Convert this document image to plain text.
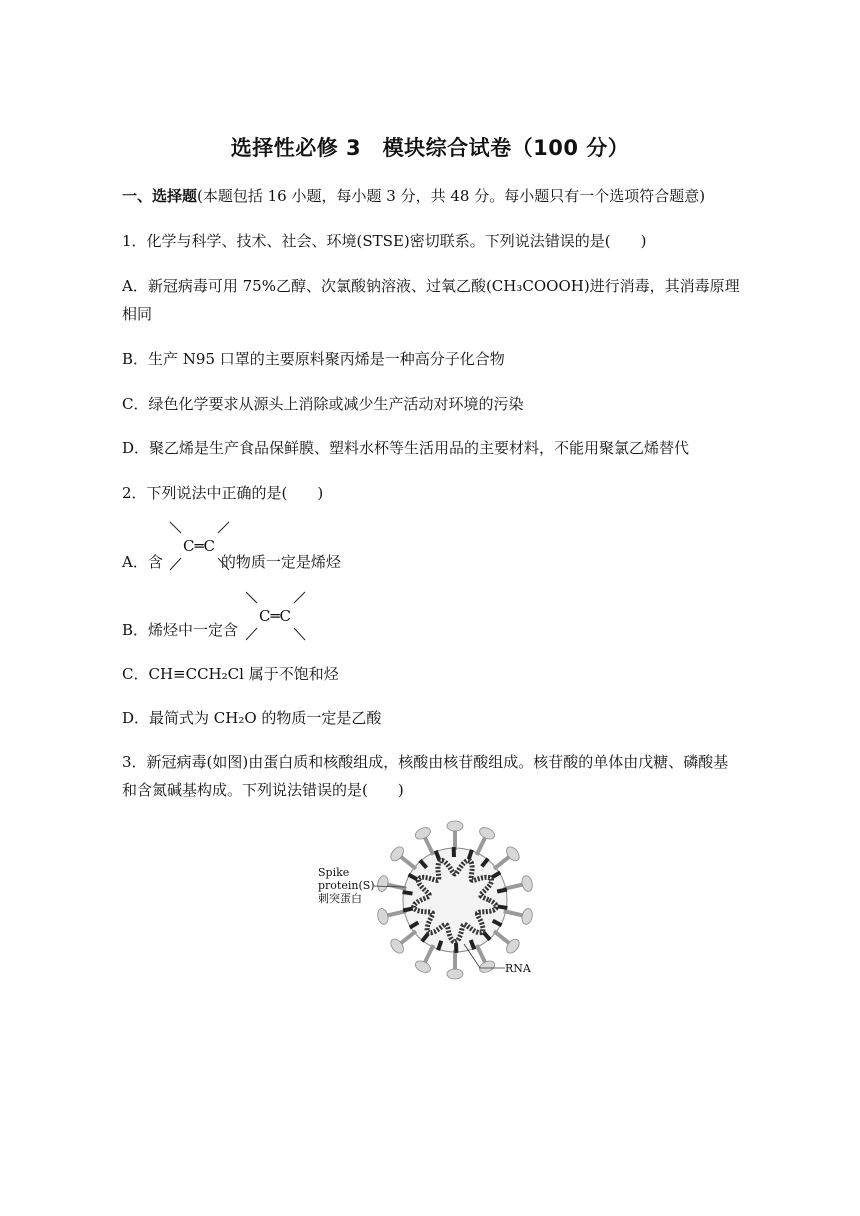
选择性必修 3　模块综合试卷（100 分）
一、选择题(本题包括 16 小题，每小题 3 分，共 48 分。每小题只有一个选项符合题意)
1．化学与科学、技术、社会、环境(STSE)密切联系。下列说法错误的是(　　)
A．新冠病毒可用 75%乙醇、次氯酸钠溶液、过氧乙酸(CH₃COOOH)进行消毒，其消毒原理
相同
B．生产 N95 口罩的主要原料聚丙烯是一种高分子化合物
C．绿色化学要求从源头上消除或减少生产活动对环境的污染
D．聚乙烯是生产食品保鲜膜、塑料水杯等生活用品的主要材料，不能用聚氯乙烯替代
2．下列说法中正确的是(　　)
A．含	的物质一定是烯烃
C═C
B．烯烃中一定含
C═C
C．CH≡CCH₂Cl 属于不饱和烃
D．最简式为 CH₂O 的物质一定是乙酸
3．新冠病毒(如图)由蛋白质和核酸组成，核酸由核苷酸组成。核苷酸的单体由戊糖、磷酸基
和含氮碱基构成。下列说法错误的是(　　)
Spike
protein(S)
刺突蛋白
RNA
